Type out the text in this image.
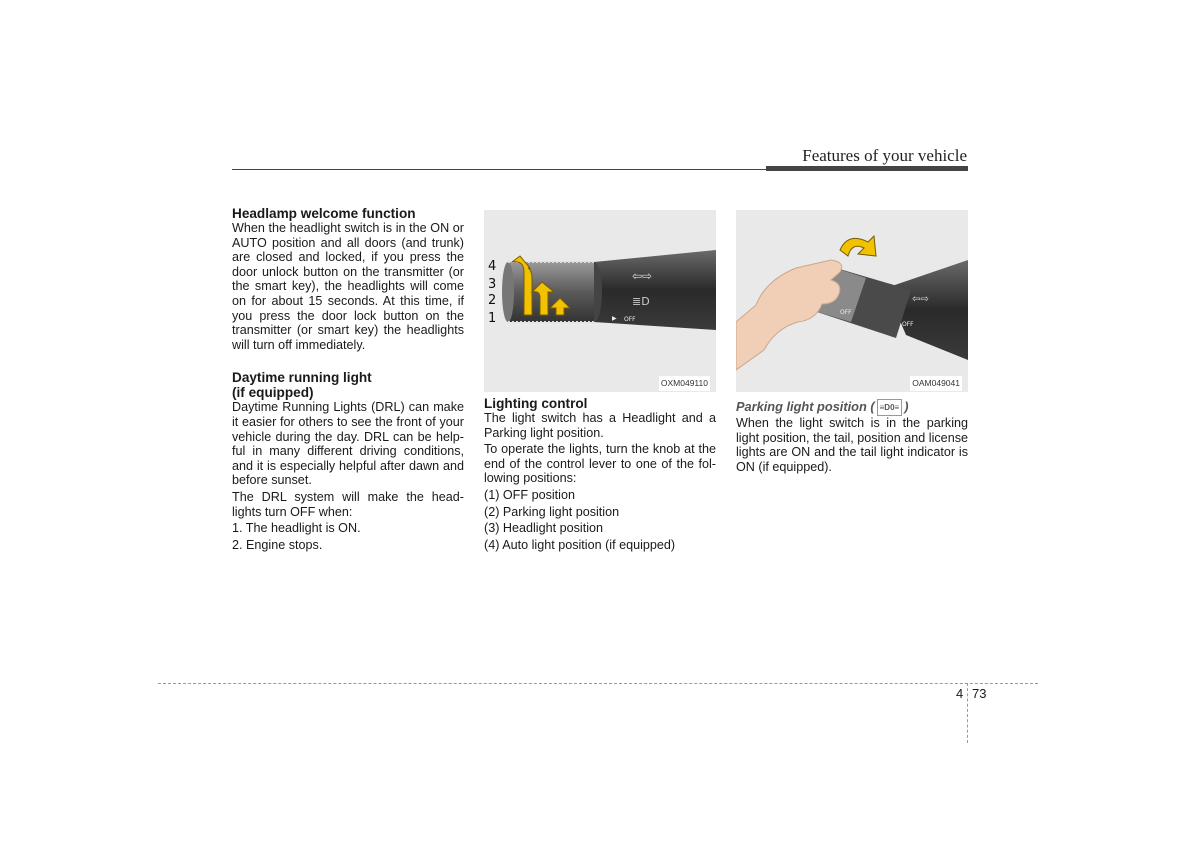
Features of your vehicle
Headlamp welcome function

When the headlight switch is in the ON or AUTO position and all doors (and trunk) are closed and locked, if you press the door unlock button on the transmitter (or the smart key), the headlights will come on for about 15 seconds. At this time, if you press the door lock button on the transmitter (or smart key) the headlights will turn off immediately.

Daytime running light
(if equipped)

Daytime Running Lights (DRL) can make it easier for others to see the front of your vehicle during the day. DRL can be help-ful in many different driving conditions, and it is especially helpful after dawn and before sunset.

The DRL system will make the head-lights turn OFF when:

1. The headlight is ON.

2. Engine stops.

⇦⇨
≣D
▶ OFF
4
3
2
1
OXM049110
Lighting control

The light switch has a Headlight and a Parking light position.

To operate the lights, turn the knob at the end of the control lever to one of the fol-lowing positions:

(1) OFF position

(2) Parking light position

(3) Headlight position

(4) Auto light position (if equipped)

OFF
OFF
⇦⇨
OAM049041
Parking light position ( ≡D0≡ )

When the light switch is in the parking light position, the tail, position and license lights are ON and the tail light indicator is ON (if equipped).

4 73
